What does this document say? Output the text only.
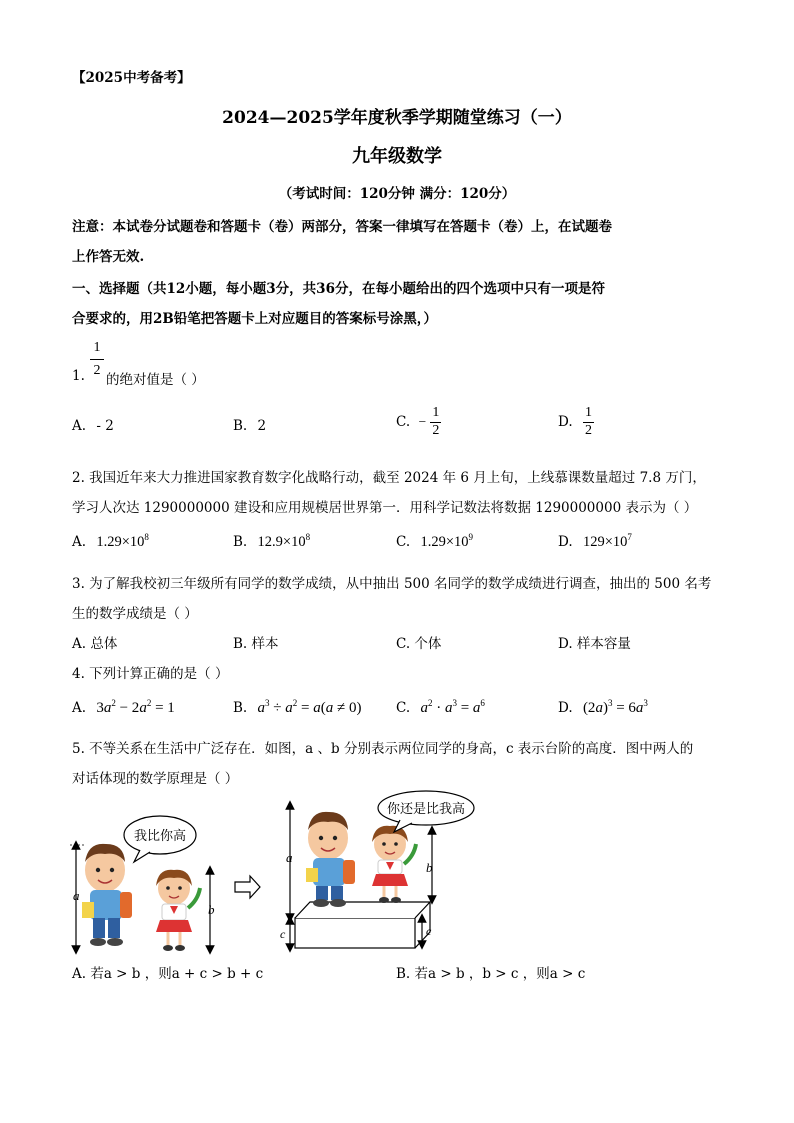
【2025中考备考】
2024—2025学年度秋季学期随堂练习（一）
九年级数学
（考试时间：120分钟 满分：120分）
注意：本试卷分试题卷和答题卡（卷）两部分，答案一律填写在答题卡（卷）上，在试题卷
上作答无效.
一、选择题（共12小题，每小题3分，共36分，在每小题给出的四个选项中只有一项是符
合要求的，用2B铅笔把答题卡上对应题目的答案标号涂黑，）
1.
1
2
的绝对值是（ ）
A. - 2	B. 2	C. − $\frac{1}{2}$	D. $\frac{1}{2}$
2. 我国近年来大力推进国家教育数字化战略行动，截至 2024 年 6 月上旬，上线慕课数量超过 7.8 万门，
学习人次达 1290000000 建设和应用规模居世界第一．用科学记数法将数据 1290000000 表示为（ ）
A. $1.29\times 10^8$	B. $12.9\times 10^8$	C. $1.29\times 10^9$	D. $129\times 10^7$
3. 为了解我校初三年级所有同学的数学成绩，从中抽出 500 名同学的数学成绩进行调查，抽出的 500 名考
生的数学成绩是（ ）
A. 总体	B. 样本	C. 个体	D. 样本容量
4. 下列计算正确的是（ ）
A. $3a^2 - 2a^2 = 1$	B. $a^3 \div a^2 = a(a \ne 0)$	C. $a^2 \cdot a^3 = a^6$	D. $(2a)^3 = 6a^3$
5. 不等关系在生活中广泛存在．如图，a 、b 分别表示两位同学的身高，c 表示台阶的高度．图中两人的
对话体现的数学原理是（ ）
a
我比你高
b
a
c
你还是比我高
b
c
A. 若a > b ，则a + c > b + c	B. 若a > b ，b > c ，则a > c
